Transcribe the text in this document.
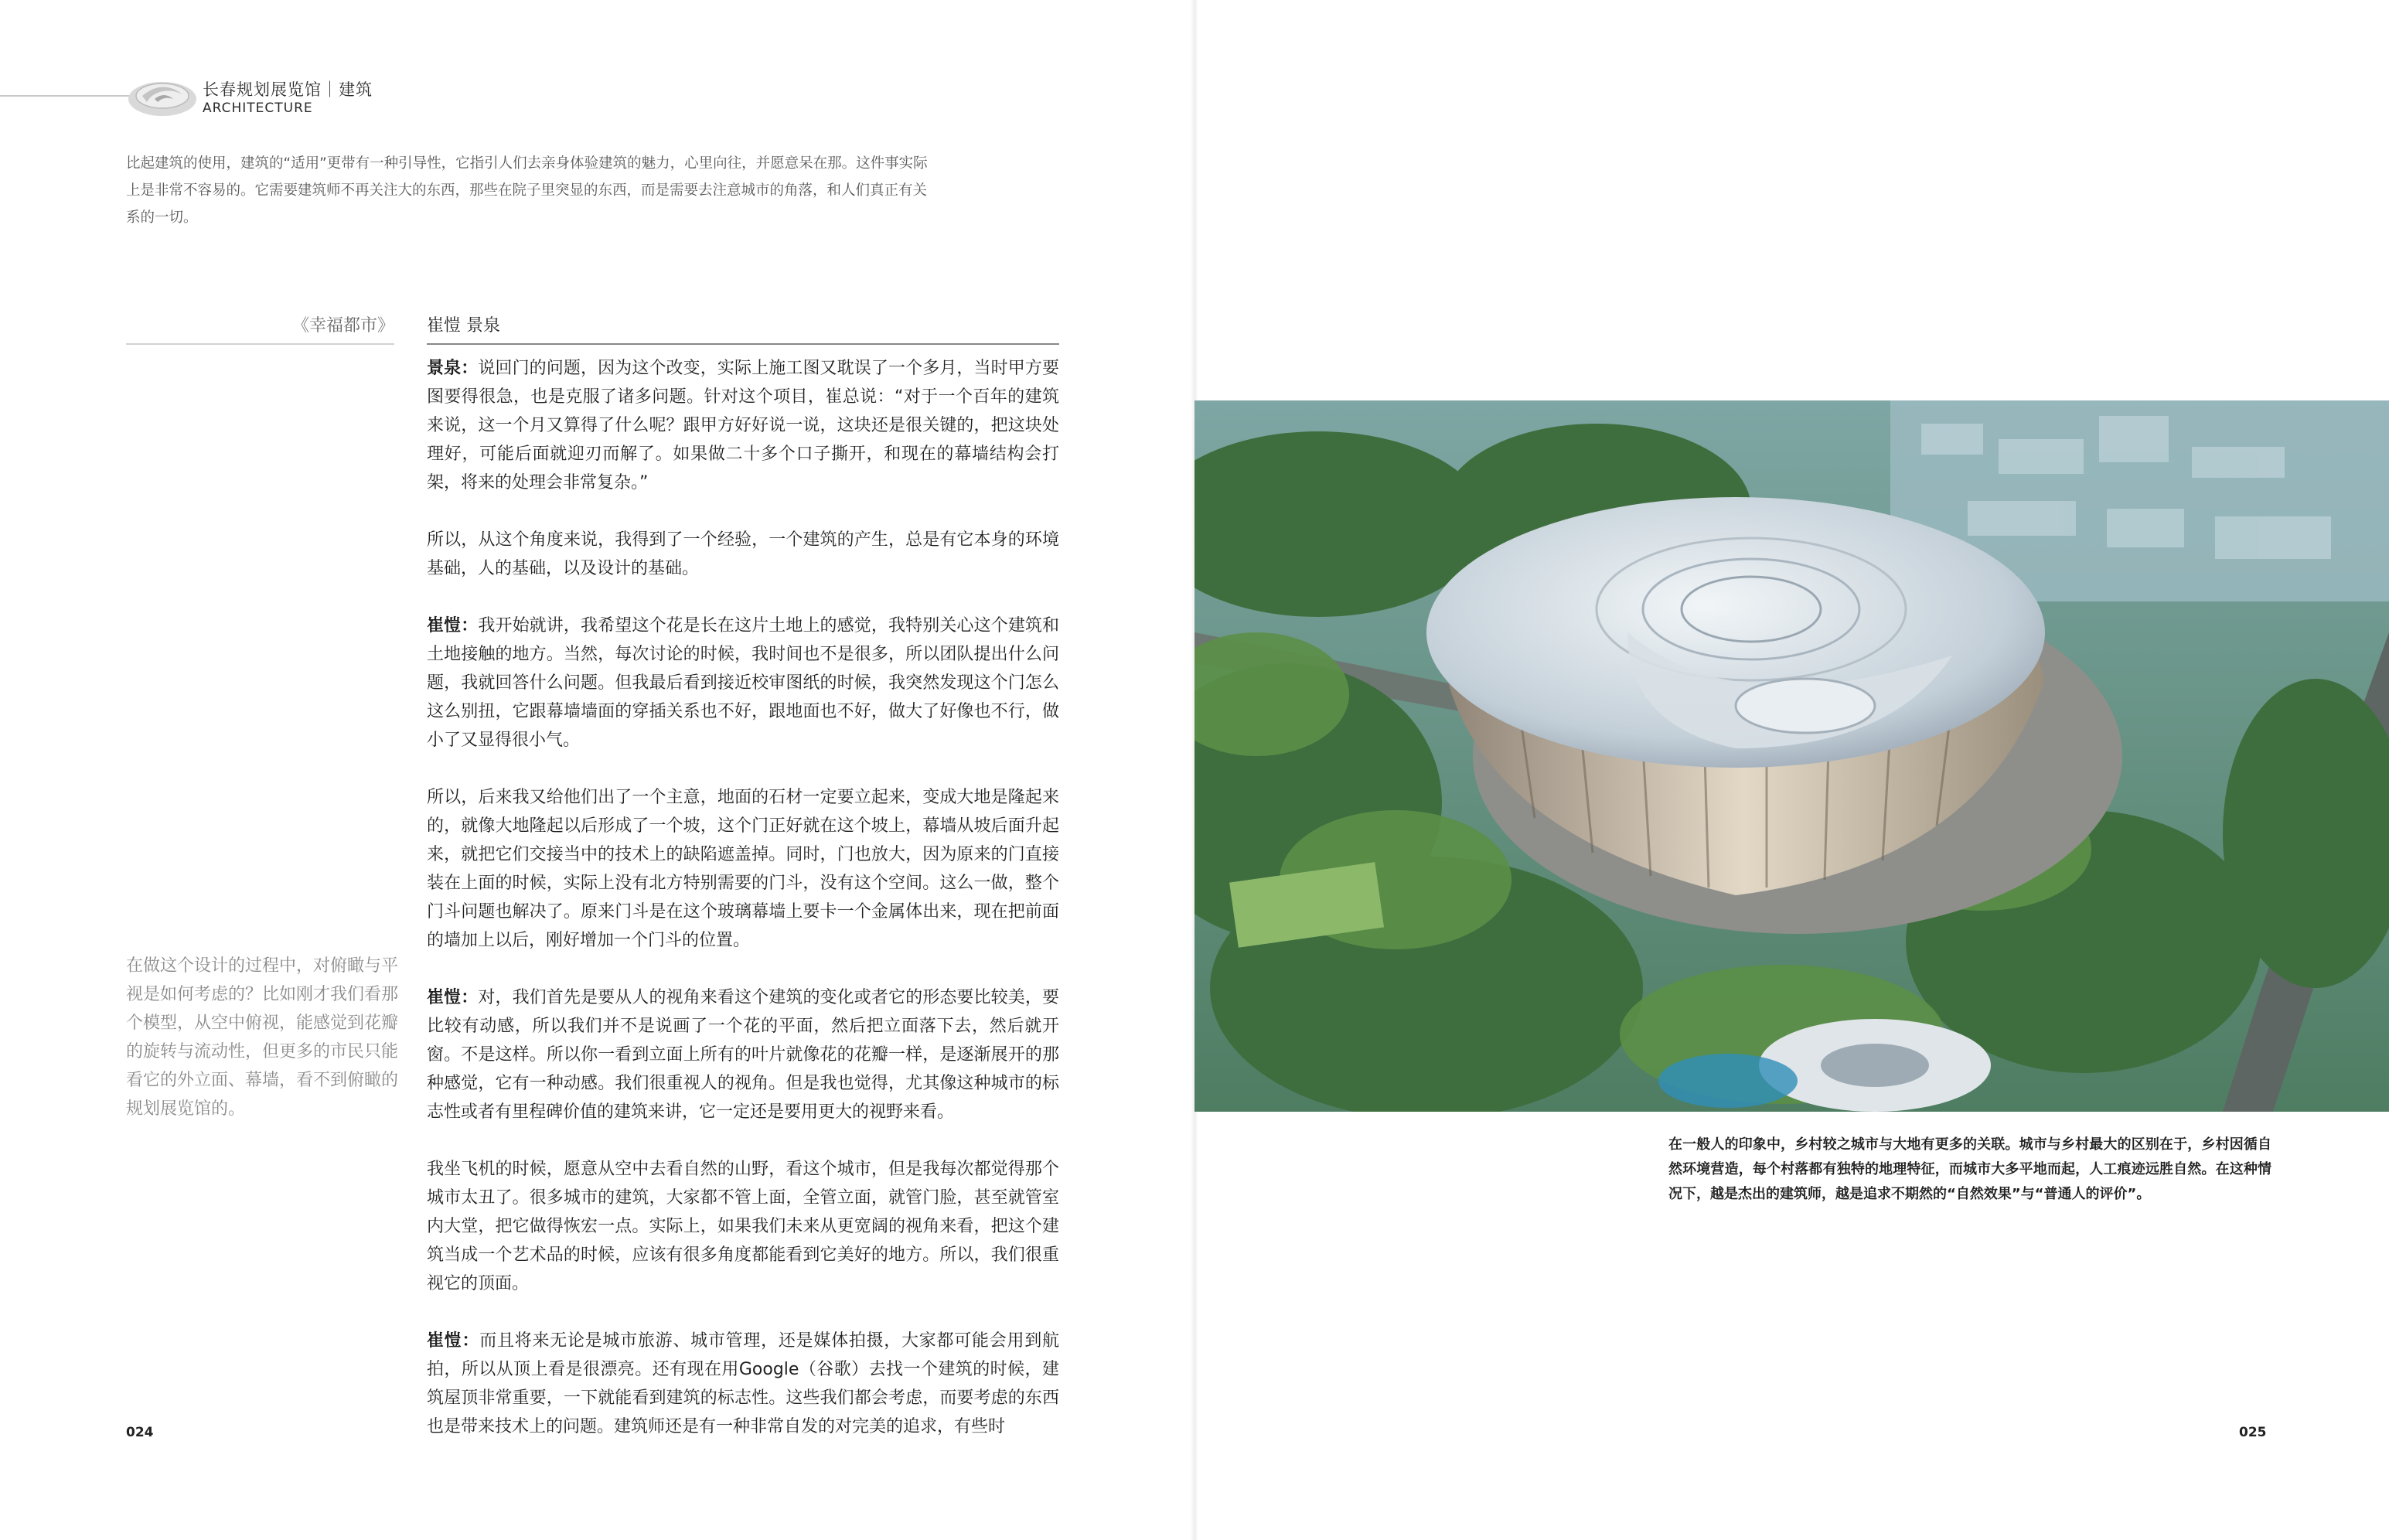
长春规划展览馆｜建筑
ARCHITECTURE

比起建筑的使用，建筑的“适用”更带有一种引导性，它指引人们去亲身体验建筑的魅力，心里向往，并愿意呆在那。这件事实际上是非常不容易的。它需要建筑师不再关注大的东西，那些在院子里突显的东西，而是需要去注意城市的角落，和人们真正有关系的一切。

《幸福都市》 崔愷 景泉

景泉：说回门的问题，因为这个改变，实际上施工图又耽误了一个多月，当时甲方要图要得很急，也是克服了诸多问题。针对这个项目，崔总说：“对于一个百年的建筑来说，这一个月又算得了什么呢？跟甲方好好说一说，这块还是很关键的，把这块处理好，可能后面就迎刃而解了。如果做二十多个口子撕开，和现在的幕墙结构会打架，将来的处理会非常复杂。”

所以，从这个角度来说，我得到了一个经验，一个建筑的产生，总是有它本身的环境基础，人的基础，以及设计的基础。

崔愷：我开始就讲，我希望这个花是长在这片土地上的感觉，我特别关心这个建筑和土地接触的地方。当然，每次讨论的时候，我时间也不是很多，所以团队提出什么问题，我就回答什么问题。但我最后看到接近校审图纸的时候，我突然发现这个门怎么这么别扭，它跟幕墙墙面的穿插关系也不好，跟地面也不好，做大了好像也不行，做小了又显得很小气。

所以，后来我又给他们出了一个主意，地面的石材一定要立起来，变成大地是隆起来的，就像大地隆起以后形成了一个坡，这个门正好就在这个坡上，幕墙从坡后面升起来，就把它们交接当中的技术上的缺陷遮盖掉。同时，门也放大，因为原来的门直接装在上面的时候，实际上没有北方特别需要的门斗，没有这个空间。这么一做，整个门斗问题也解决了。原来门斗是在这个玻璃幕墙上要卡一个金属体出来，现在把前面的墙加上以后，刚好增加一个门斗的位置。

崔愷：对，我们首先是要从人的视角来看这个建筑的变化或者它的形态要比较美，要比较有动感，所以我们并不是说画了一个花的平面，然后把立面落下去，然后就开窗。不是这样。所以你一看到立面上所有的叶片就像花的花瓣一样，是逐渐展开的那种感觉，它有一种动感。我们很重视人的视角。但是我也觉得，尤其像这种城市的标志性或者有里程碑价值的建筑来讲，它一定还是要用更大的视野来看。

我坐飞机的时候，愿意从空中去看自然的山野，看这个城市，但是我每次都觉得那个城市太丑了。很多城市的建筑，大家都不管上面，全管立面，就管门脸，甚至就管室内大堂，把它做得恢宏一点。实际上，如果我们未来从更宽阔的视角来看，把这个建筑当成一个艺术品的时候，应该有很多角度都能看到它美好的地方。所以，我们很重视它的顶面。

崔愷：而且将来无论是城市旅游、城市管理，还是媒体拍摄，大家都可能会用到航拍，所以从顶上看是很漂亮。还有现在用Google（谷歌）去找一个建筑的时候，建筑屋顶非常重要，一下就能看到建筑的标志性。这些我们都会考虑，而要考虑的东西也是带来技术上的问题。建筑师还是有一种非常自发的对完美的追求，有些时

在做这个设计的过程中，对俯瞰与平视是如何考虑的？比如刚才我们看那个模型，从空中俯视，能感觉到花瓣的旋转与流动性，但更多的市民只能看它的外立面、幕墙，看不到俯瞰的规划展览馆的。
在一般人的印象中，乡村较之城市与大地有更多的关联。城市与乡村最大的区别在于，乡村因循自然环境营造，每个村落都有独特的地理特征，而城市大多平地而起，人工痕迹远胜自然。在这种情况下，越是杰出的建筑师，越是追求不期然的“自然效果”与“普通人的评价”。
024	025
